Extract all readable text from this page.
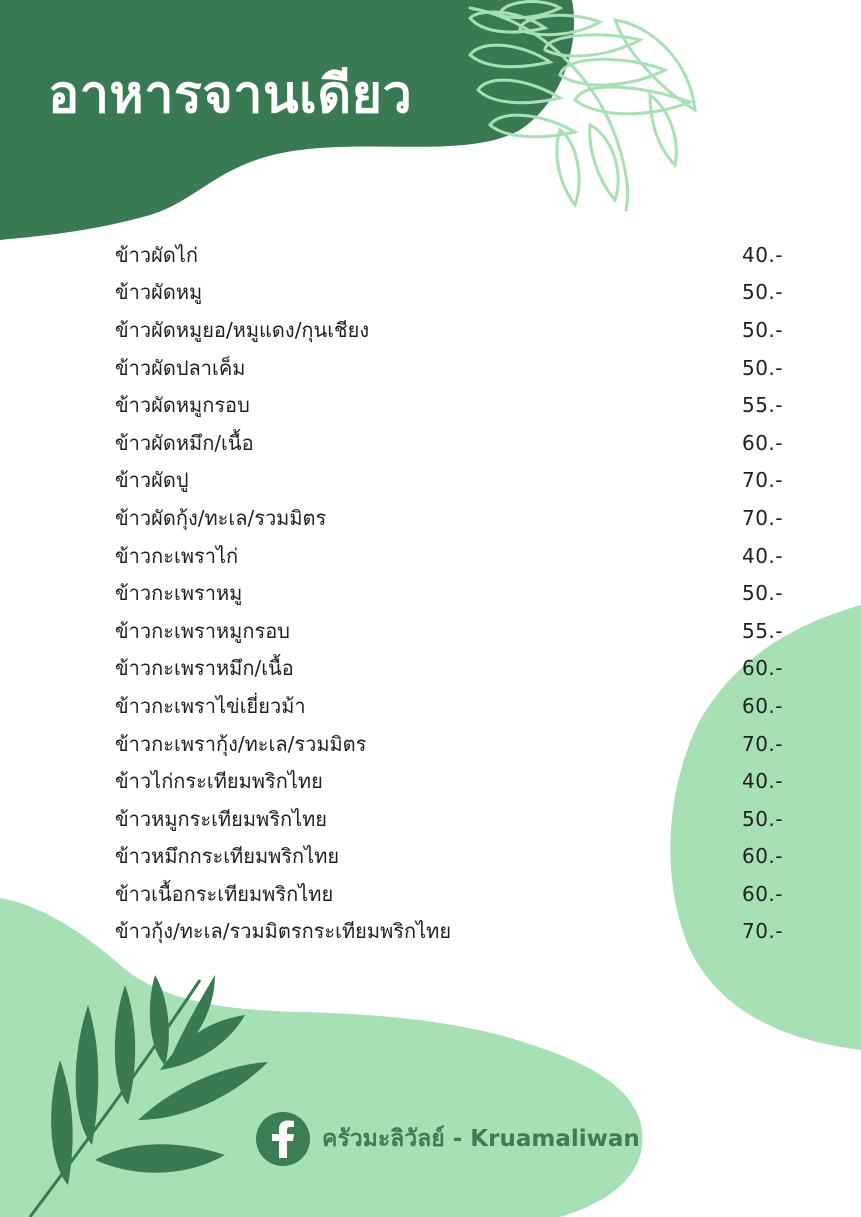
อาหารจานเดียว
ข้าวผัดไก่	40.-
ข้าวผัดหมู	50.-
ข้าวผัดหมูยอ/หมูแดง/กุนเชียง	50.-
ข้าวผัดปลาเค็ม	50.-
ข้าวผัดหมูกรอบ	55.-
ข้าวผัดหมึก/เนื้อ	60.-
ข้าวผัดปู	70.-
ข้าวผัดกุ้ง/ทะเล/รวมมิตร	70.-
ข้าวกะเพราไก่	40.-
ข้าวกะเพราหมู	50.-
ข้าวกะเพราหมูกรอบ	55.-
ข้าวกะเพราหมึก/เนื้อ	60.-
ข้าวกะเพราไข่เยี่ยวม้า	60.-
ข้าวกะเพรากุ้ง/ทะเล/รวมมิตร	70.-
ข้าวไก่กระเทียมพริกไทย	40.-
ข้าวหมูกระเทียมพริกไทย	50.-
ข้าวหมึกกระเทียมพริกไทย	60.-
ข้าวเนื้อกระเทียมพริกไทย	60.-
ข้าวกุ้ง/ทะเล/รวมมิตรกระเทียมพริกไทย	70.-
ครัวมะลิวัลย์ - Kruamaliwan
